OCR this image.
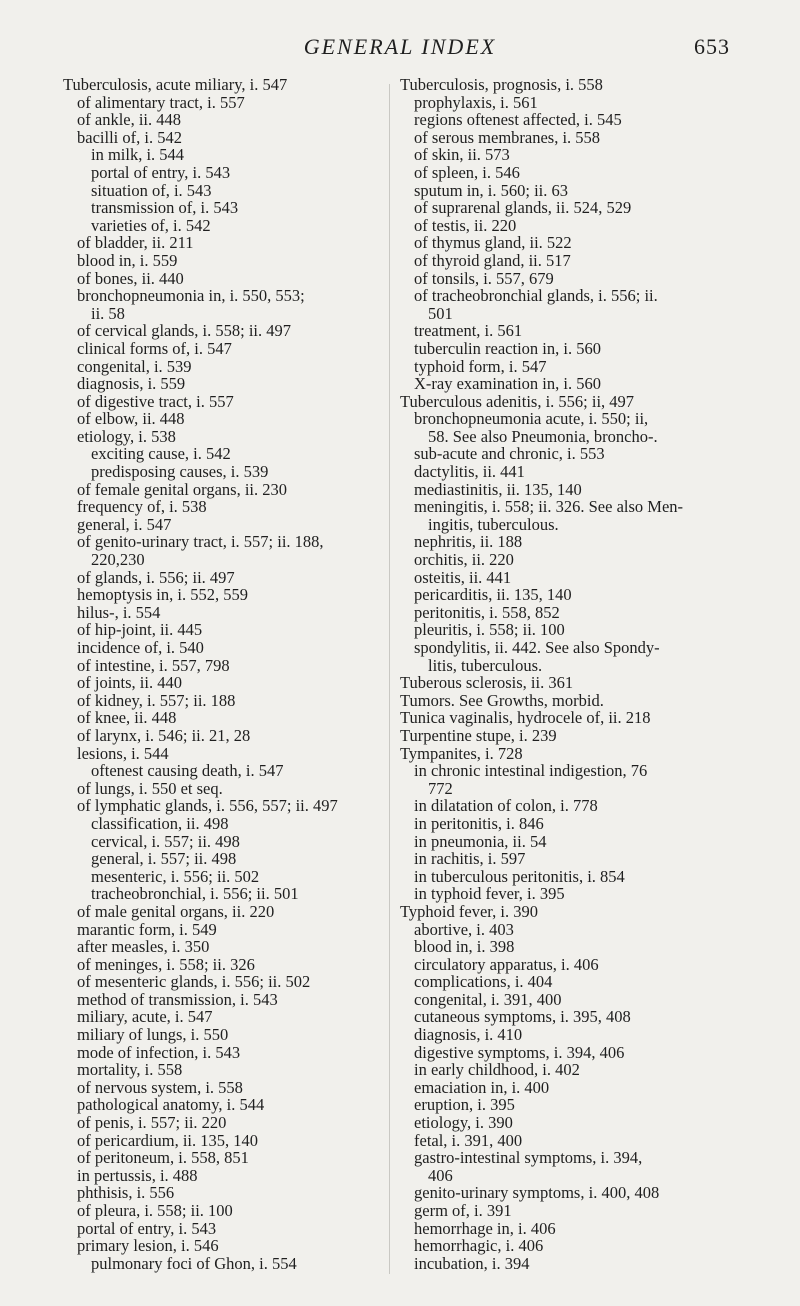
GENERAL INDEX	653
Tuberculosis, acute miliary, i. 547
of alimentary tract, i. 557
of ankle, ii. 448
bacilli of, i. 542
in milk, i. 544
portal of entry, i. 543
situation of, i. 543
transmission of, i. 543
varieties of, i. 542
of bladder, ii. 211
blood in, i. 559
of bones, ii. 440
bronchopneumonia in, i. 550, 553;
ii. 58
of cervical glands, i. 558; ii. 497
clinical forms of, i. 547
congenital, i. 539
diagnosis, i. 559
of digestive tract, i. 557
of elbow, ii. 448
etiology, i. 538
exciting cause, i. 542
predisposing causes, i. 539
of female genital organs, ii. 230
frequency of, i. 538
general, i. 547
of genito-urinary tract, i. 557; ii. 188,
220,230
of glands, i. 556; ii. 497
hemoptysis in, i. 552, 559
hilus-, i. 554
of hip-joint, ii. 445
incidence of, i. 540
of intestine, i. 557, 798
of joints, ii. 440
of kidney, i. 557; ii. 188
of knee, ii. 448
of larynx, i. 546; ii. 21, 28
lesions, i. 544
oftenest causing death, i. 547
of lungs, i. 550 et seq.
of lymphatic glands, i. 556, 557; ii. 497
classification, ii. 498
cervical, i. 557; ii. 498
general, i. 557; ii. 498
mesenteric, i. 556; ii. 502
tracheobronchial, i. 556; ii. 501
of male genital organs, ii. 220
marantic form, i. 549
after measles, i. 350
of meninges, i. 558; ii. 326
of mesenteric glands, i. 556; ii. 502
method of transmission, i. 543
miliary, acute, i. 547
miliary of lungs, i. 550
mode of infection, i. 543
mortality, i. 558
of nervous system, i. 558
pathological anatomy, i. 544
of penis, i. 557; ii. 220
of pericardium, ii. 135, 140
of peritoneum, i. 558, 851
in pertussis, i. 488
phthisis, i. 556
of pleura, i. 558; ii. 100
portal of entry, i. 543
primary lesion, i. 546
pulmonary foci of Ghon, i. 554
Tuberculosis, prognosis, i. 558
prophylaxis, i. 561
regions oftenest affected, i. 545
of serous membranes, i. 558
of skin, ii. 573
of spleen, i. 546
sputum in, i. 560; ii. 63
of suprarenal glands, ii. 524, 529
of testis, ii. 220
of thymus gland, ii. 522
of thyroid gland, ii. 517
of tonsils, i. 557, 679
of tracheobronchial glands, i. 556; ii.
501
treatment, i. 561
tuberculin reaction in, i. 560
typhoid form, i. 547
X-ray examination in, i. 560
Tuberculous adenitis, i. 556; ii, 497
bronchopneumonia acute, i. 550; ii,
58. See also Pneumonia, broncho-.
sub-acute and chronic, i. 553
dactylitis, ii. 441
mediastinitis, ii. 135, 140
meningitis, i. 558; ii. 326. See also Men-
ingitis, tuberculous.
nephritis, ii. 188
orchitis, ii. 220
osteitis, ii. 441
pericarditis, ii. 135, 140
peritonitis, i. 558, 852
pleuritis, i. 558; ii. 100
spondylitis, ii. 442. See also Spondy-
litis, tuberculous.
Tuberous sclerosis, ii. 361
Tumors. See Growths, morbid.
Tunica vaginalis, hydrocele of, ii. 218
Turpentine stupe, i. 239
Tympanites, i. 728
in chronic intestinal indigestion, 76
772
in dilatation of colon, i. 778
in peritonitis, i. 846
in pneumonia, ii. 54
in rachitis, i. 597
in tuberculous peritonitis, i. 854
in typhoid fever, i. 395
Typhoid fever, i. 390
abortive, i. 403
blood in, i. 398
circulatory apparatus, i. 406
complications, i. 404
congenital, i. 391, 400
cutaneous symptoms, i. 395, 408
diagnosis, i. 410
digestive symptoms, i. 394, 406
in early childhood, i. 402
emaciation in, i. 400
eruption, i. 395
etiology, i. 390
fetal, i. 391, 400
gastro-intestinal symptoms, i. 394,
406
genito-urinary symptoms, i. 400, 408
germ of, i. 391
hemorrhage in, i. 406
hemorrhagic, i. 406
incubation, i. 394
